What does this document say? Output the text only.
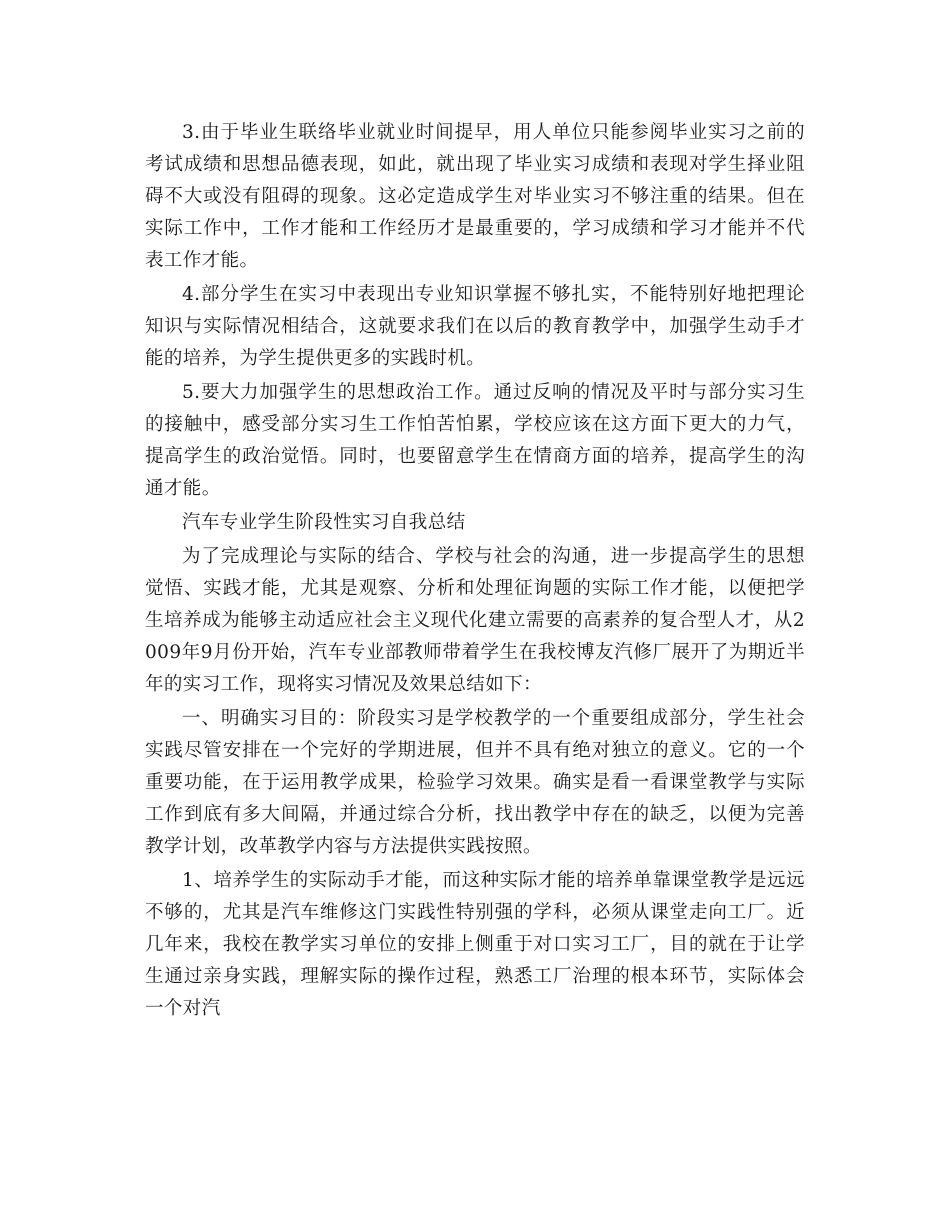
3.由于毕业生联络毕业就业时间提早，用人单位只能参阅毕业实习之前的考试成绩和思想品德表现，如此，就出现了毕业实习成绩和表现对学生择业阻碍不大或没有阻碍的现象。这必定造成学生对毕业实习不够注重的结果。但在实际工作中，工作才能和工作经历才是最重要的，学习成绩和学习才能并不代表工作才能。

4.部分学生在实习中表现出专业知识掌握不够扎实，不能特别好地把理论知识与实际情况相结合，这就要求我们在以后的教育教学中，加强学生动手才能的培养，为学生提供更多的实践时机。

5.要大力加强学生的思想政治工作。通过反响的情况及平时与部分实习生的接触中，感受部分实习生工作怕苦怕累，学校应该在这方面下更大的力气，提高学生的政治觉悟。同时，也要留意学生在情商方面的培养，提高学生的沟通才能。

汽车专业学生阶段性实习自我总结

为了完成理论与实际的结合、学校与社会的沟通，进一步提高学生的思想觉悟、实践才能，尤其是观察、分析和处理征询题的实际工作才能，以便把学生培养成为能够主动适应社会主义现代化建立需要的高素养的复合型人才，从2009年9月份开始，汽车专业部教师带着学生在我校博友汽修厂展开了为期近半年的实习工作，现将实习情况及效果总结如下：

一、明确实习目的：阶段实习是学校教学的一个重要组成部分，学生社会实践尽管安排在一个完好的学期进展，但并不具有绝对独立的意义。它的一个重要功能，在于运用教学成果，检验学习效果。确实是看一看课堂教学与实际工作到底有多大间隔，并通过综合分析，找出教学中存在的缺乏，以便为完善教学计划，改革教学内容与方法提供实践按照。

1、培养学生的实际动手才能，而这种实际才能的培养单靠课堂教学是远远不够的，尤其是汽车维修这门实践性特别强的学科，必须从课堂走向工厂。近几年来，我校在教学实习单位的安排上侧重于对口实习工厂，目的就在于让学生通过亲身实践，理解实际的操作过程，熟悉工厂治理的根本环节，实际体会一个对汽
